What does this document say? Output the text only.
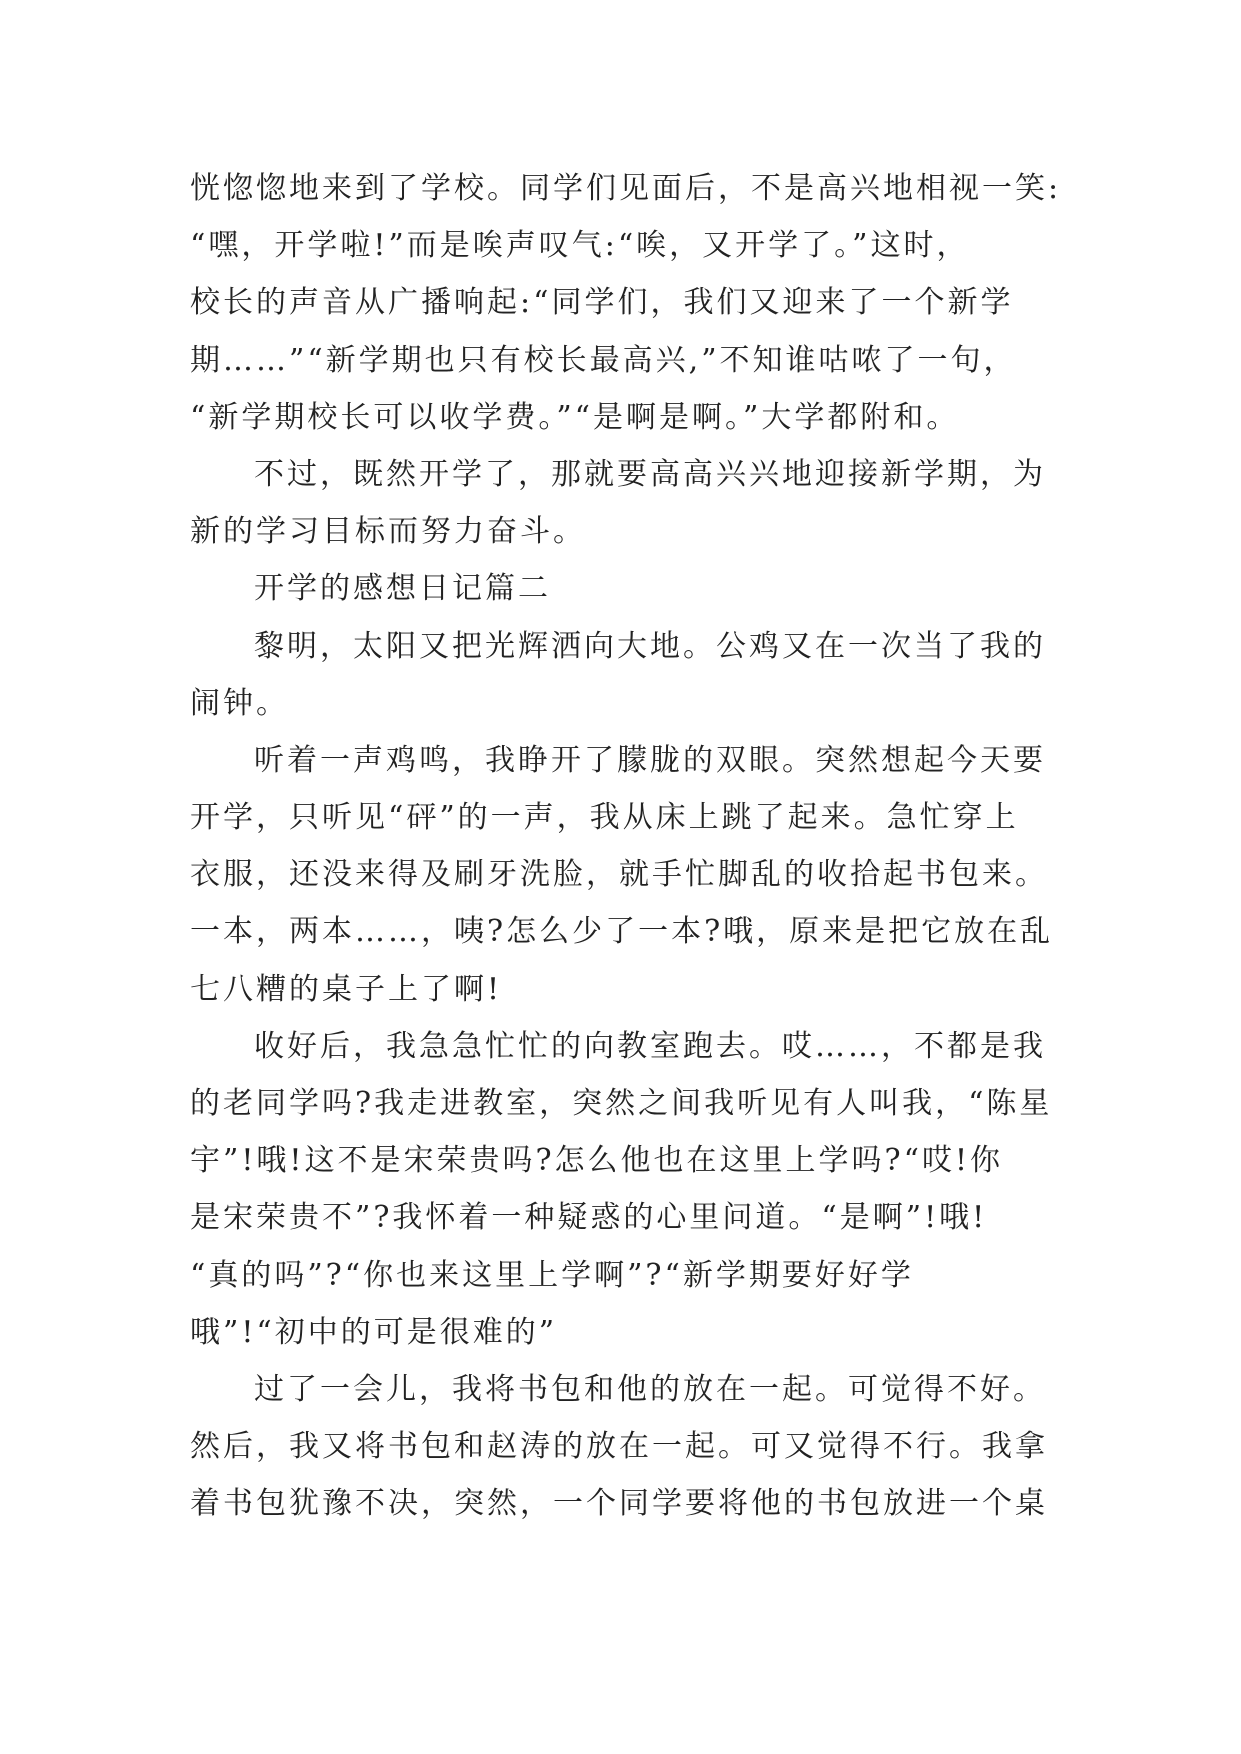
恍惚惚地来到了学校。同学们见面后，不是高兴地相视一笑:
“嘿，开学啦!”而是唉声叹气:“唉，又开学了。”这时，
校长的声音从广播响起:“同学们，我们又迎来了一个新学
期……”“新学期也只有校长最高兴,”不知谁咕哝了一句，
“新学期校长可以收学费。”“是啊是啊。”大学都附和。
不过，既然开学了，那就要高高兴兴地迎接新学期，为
新的学习目标而努力奋斗。
开学的感想日记篇二
黎明，太阳又把光辉洒向大地。公鸡又在一次当了我的
闹钟。
听着一声鸡鸣，我睁开了朦胧的双眼。突然想起今天要
开学，只听见“砰”的一声，我从床上跳了起来。急忙穿上
衣服，还没来得及刷牙洗脸，就手忙脚乱的收拾起书包来。
一本，两本……，咦?怎么少了一本?哦，原来是把它放在乱
七八糟的桌子上了啊!
收好后，我急急忙忙的向教室跑去。哎……，不都是我
的老同学吗?我走进教室，突然之间我听见有人叫我，“陈星
宇”!哦!这不是宋荣贵吗?怎么他也在这里上学吗?“哎!你
是宋荣贵不”?我怀着一种疑惑的心里问道。“是啊”!哦!
“真的吗”?“你也来这里上学啊”?“新学期要好好学
哦”!“初中的可是很难的”
过了一会儿，我将书包和他的放在一起。可觉得不好。
然后，我又将书包和赵涛的放在一起。可又觉得不行。我拿
着书包犹豫不决，突然，一个同学要将他的书包放进一个桌
